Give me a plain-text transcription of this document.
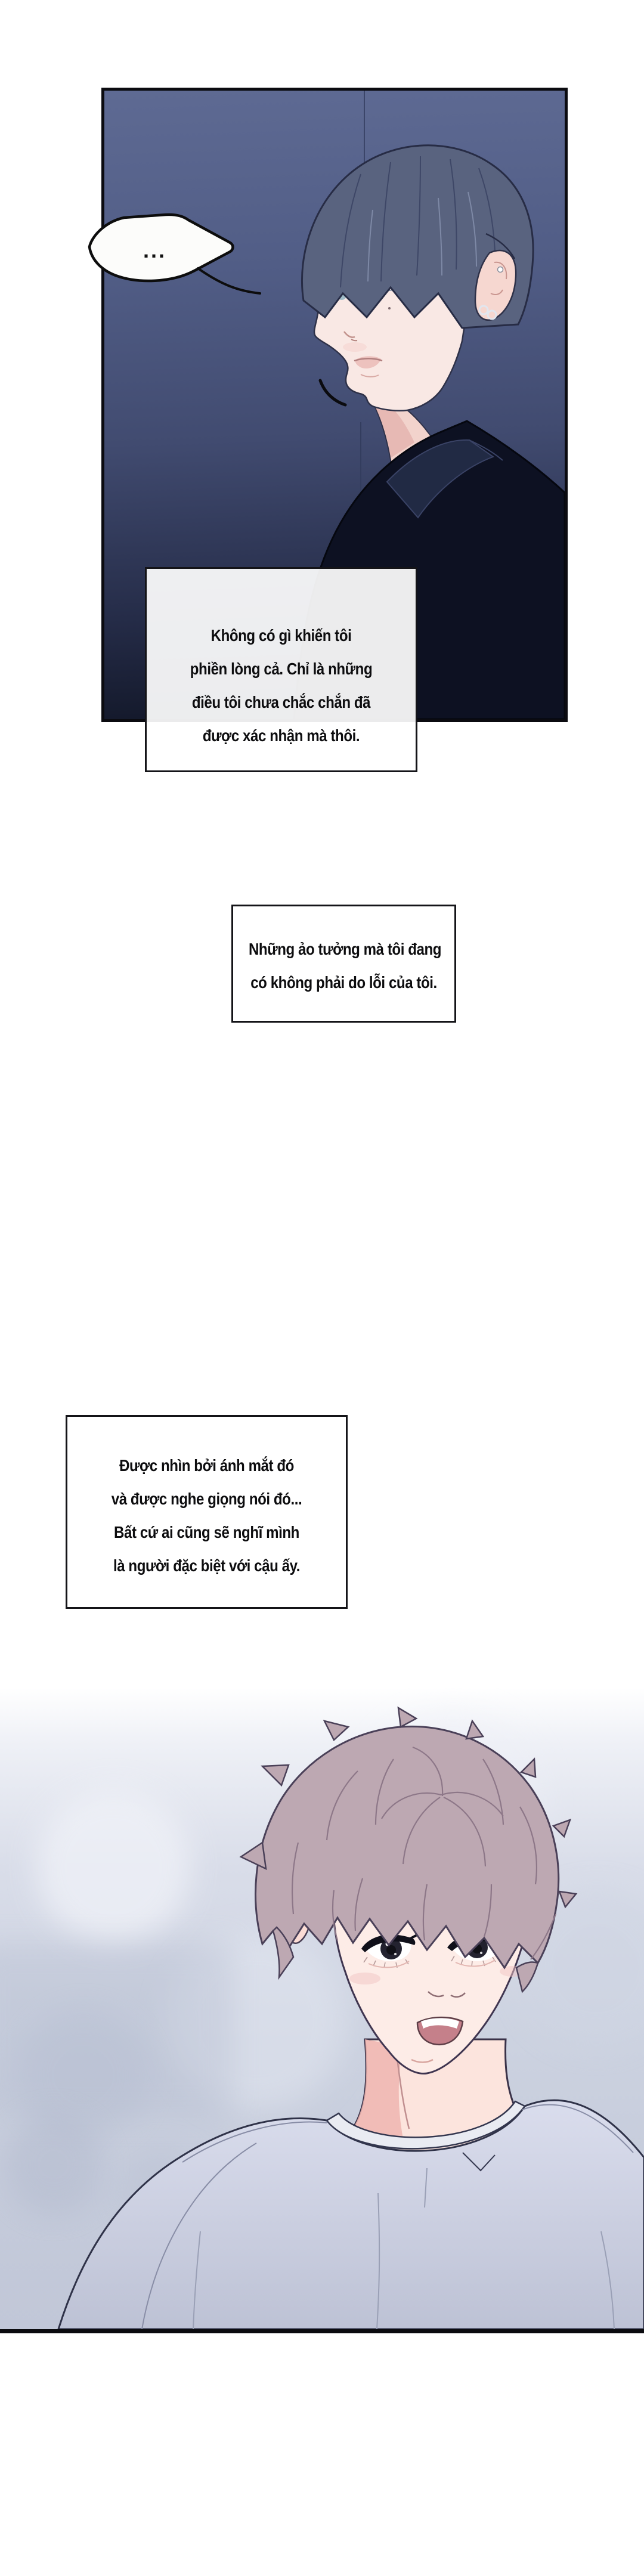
...
Không có gì khiến tôi
phiền lòng cả. Chỉ là những
điều tôi chưa chắc chắn đã
được xác nhận mà thôi.
Những ảo tưởng mà tôi đang
có không phải do lỗi của tôi.
Được nhìn bởi ánh mắt đó
và được nghe giọng nói đó...
Bất cứ ai cũng sẽ nghĩ mình
là người đặc biệt với cậu ấy.
